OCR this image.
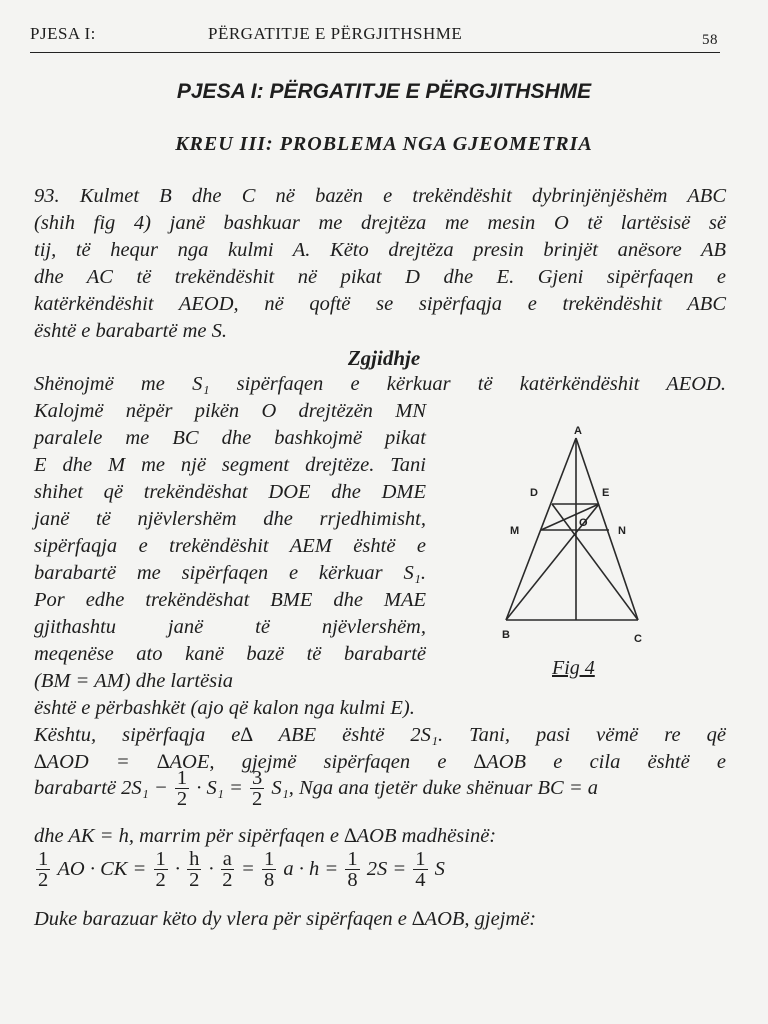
PJESA I:	PËRGATITJE E PËRGJITHSHME	58
PJESA I: PËRGATITJE E PËRGJITHSHME
KREU III: PROBLEMA NGA GJEOMETRIA
93. Kulmet B dhe C në bazën e trekëndëshit dybrinjënjëshëm ABC
(shih fig 4) janë bashkuar me drejtëza me mesin O të lartësisë së
tij, të hequr nga kulmi A. Këto drejtëza presin brinjët anësore AB
dhe AC të trekëndëshit në pikat D dhe E. Gjeni sipërfaqen e
katërkëndëshit AEOD, në qoftë se sipërfaqja e trekëndëshit ABC
është e barabartë me S.
Zgjidhje
Shënojmë me S₁ sipërfaqen e kërkuar të katërkëndëshit AEOD.
Kalojmë nëpër pikën O drejtëzën MN
paralele me BC dhe bashkojmë pikat
E dhe M me një segment drejtëze. Tani
shihet që trekëndëshat DOE dhe DME
janë të njëvlershëm dhe rrjedhimisht,
sipërfaqja e trekëndëshit AEM është e
barabartë me sipërfaqen e kërkuar S₁.
Por edhe trekëndëshat BME dhe MAE
gjithashtu janë të njëvlershëm,
meqenëse ato kanë bazë të barabartë
(BM = AM) dhe lartësia
Fig 4
A
D	E
M	N
O
B	C
është e përbashkët (ajo që kalon nga kulmi E).
Kështu, sipërfaqja e∆ ABE është 2S₁. Tani, pasi vëmë re që
∆AOD = ∆AOE, gjejmë sipërfaqen e ∆AOB e cila është e
barabartë $2S_1 - \frac{1}{2} \cdot S_1 = \frac{3}{2} S_1$, Nga ana tjetër duke shënuar BC = a
dhe AK = h, marrim për sipërfaqen e ∆AOB madhësinë:
$\frac{1}{2}$ AO · CK = $\frac{1}{2} \cdot \frac{h}{2} \cdot \frac{a}{2} = \frac{1}{8}$ $a \cdot h = \frac{1}{8} 2S = \frac{1}{4}$ S
Duke barazuar këto dy vlera për sipërfaqen e ∆AOB, gjejmë:
